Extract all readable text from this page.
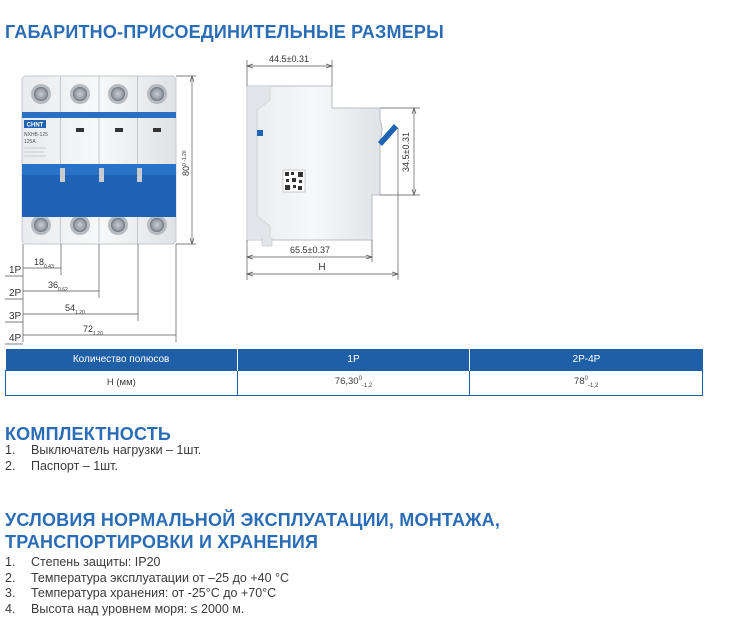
ГАБАРИТНО-ПРИСОЕДИНИТЕЛЬНЫЕ РАЗМЕРЫ
CHNT
NXHB-125
125A
$80^{0 -1.20}$
1P
2P
3P
4P
$18_{0.43}$
$36_{0.62}$
$54_{1.20}$
$72_{1.20}$
44.5±0.31
34.5±0.31
65.5±0.37
H
Количество полюсов	1P	2P-4P
Н (мм)	$76,30^0_{-1,2}$	$78^0_{-1,2}$
КОМПЛЕКТНОСТЬ
1.	Выключатель нагрузки – 1шт.
2.	Паспорт – 1шт.
УСЛОВИЯ НОРМАЛЬНОЙ ЭКСПЛУАТАЦИИ, МОНТАЖА,
ТРАНСПОРТИРОВКИ И ХРАНЕНИЯ
1.	Степень защиты: IP20
2.	Температура эксплуатации от –25 до +40 °С
3.	Температура хранения: от -25°С до +70°С
4.	Высота над уровнем моря: ≤ 2000 м.
